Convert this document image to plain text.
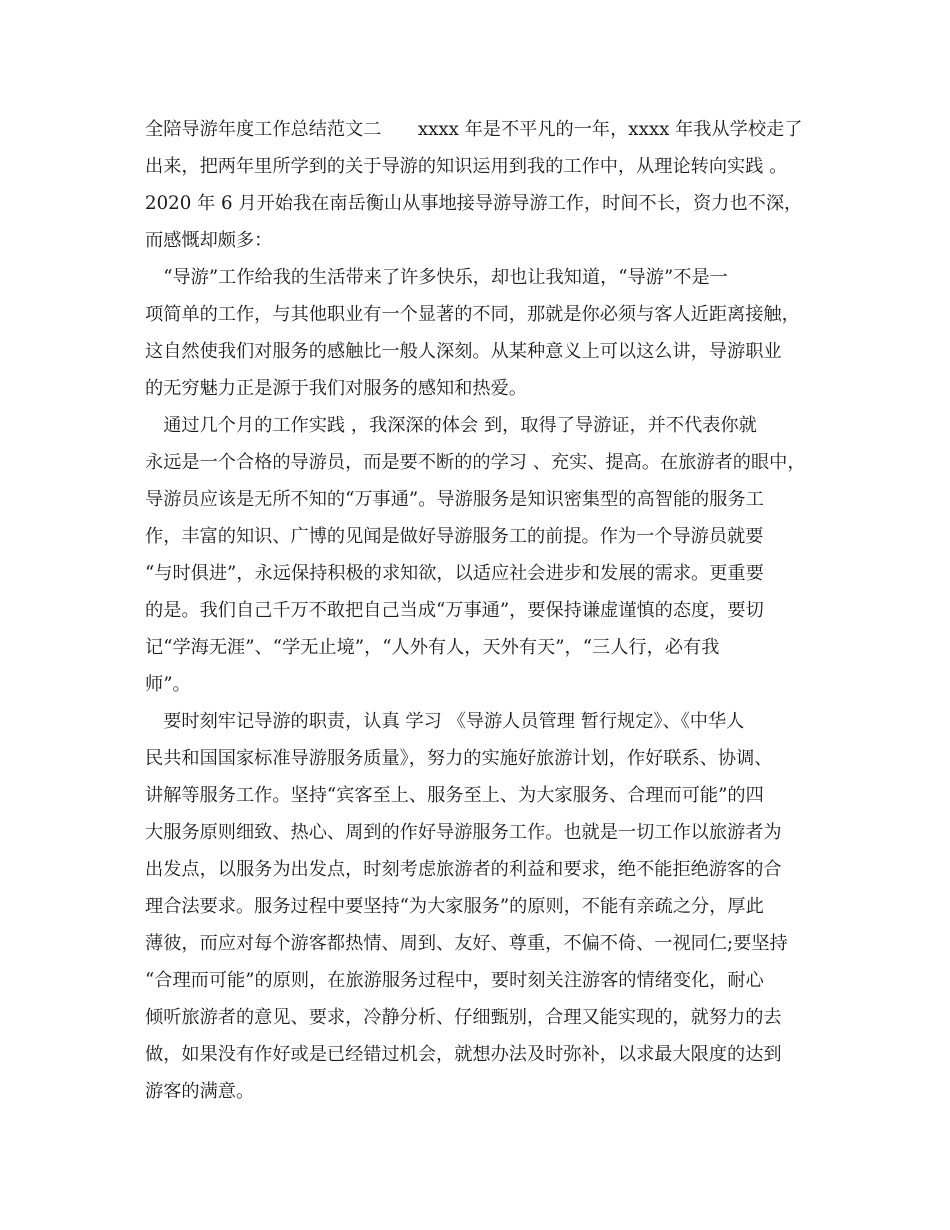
全陪导游年度工作总结范文二　　xxxx 年是不平凡的一年，xxxx 年我从学校走了
出来，把两年里所学到的关于导游的知识运用到我的工作中，从理论转向实践 。
2020 年 6 月开始我在南岳衡山从事地接导游导游工作，时间不长，资力也不深，
而感慨却颇多：
　“导游”工作给我的生活带来了许多快乐，却也让我知道，“导游”不是一
项简单的工作，与其他职业有一个显著的不同，那就是你必须与客人近距离接触，
这自然使我们对服务的感触比一般人深刻。从某种意义上可以这么讲，导游职业
的无穷魅力正是源于我们对服务的感知和热爱。
　通过几个月的工作实践 ，我深深的体会 到，取得了导游证，并不代表你就
永远是一个合格的导游员，而是要不断的的学习 、充实、提高。在旅游者的眼中，
导游员应该是无所不知的“万事通”。导游服务是知识密集型的高智能的服务工
作，丰富的知识、广博的见闻是做好导游服务工的前提。作为一个导游员就要
“与时俱进”，永远保持积极的求知欲，以适应社会进步和发展的需求。更重要
的是。我们自己千万不敢把自己当成“万事通”，要保持谦虚谨慎的态度，要切
记“学海无涯”、“学无止境”，“人外有人，天外有天”，“三人行，必有我
师”。
　要时刻牢记导游的职责，认真 学习 《导游人员管理 暂行规定》、《中华人
民共和国国家标准导游服务质量》，努力的实施好旅游计划，作好联系、协调、
讲解等服务工作。坚持“宾客至上、服务至上、为大家服务、合理而可能”的四
大服务原则细致、热心、周到的作好导游服务工作。也就是一切工作以旅游者为
出发点，以服务为出发点，时刻考虑旅游者的利益和要求，绝不能拒绝游客的合
理合法要求。服务过程中要坚持“为大家服务”的原则，不能有亲疏之分，厚此
薄彼，而应对每个游客都热情、周到、友好、尊重，不偏不倚、一视同仁;要坚持
“合理而可能”的原则，在旅游服务过程中，要时刻关注游客的情绪变化，耐心
倾听旅游者的意见、要求，冷静分析、仔细甄别，合理又能实现的，就努力的去
做，如果没有作好或是已经错过机会，就想办法及时弥补，以求最大限度的达到
游客的满意。
